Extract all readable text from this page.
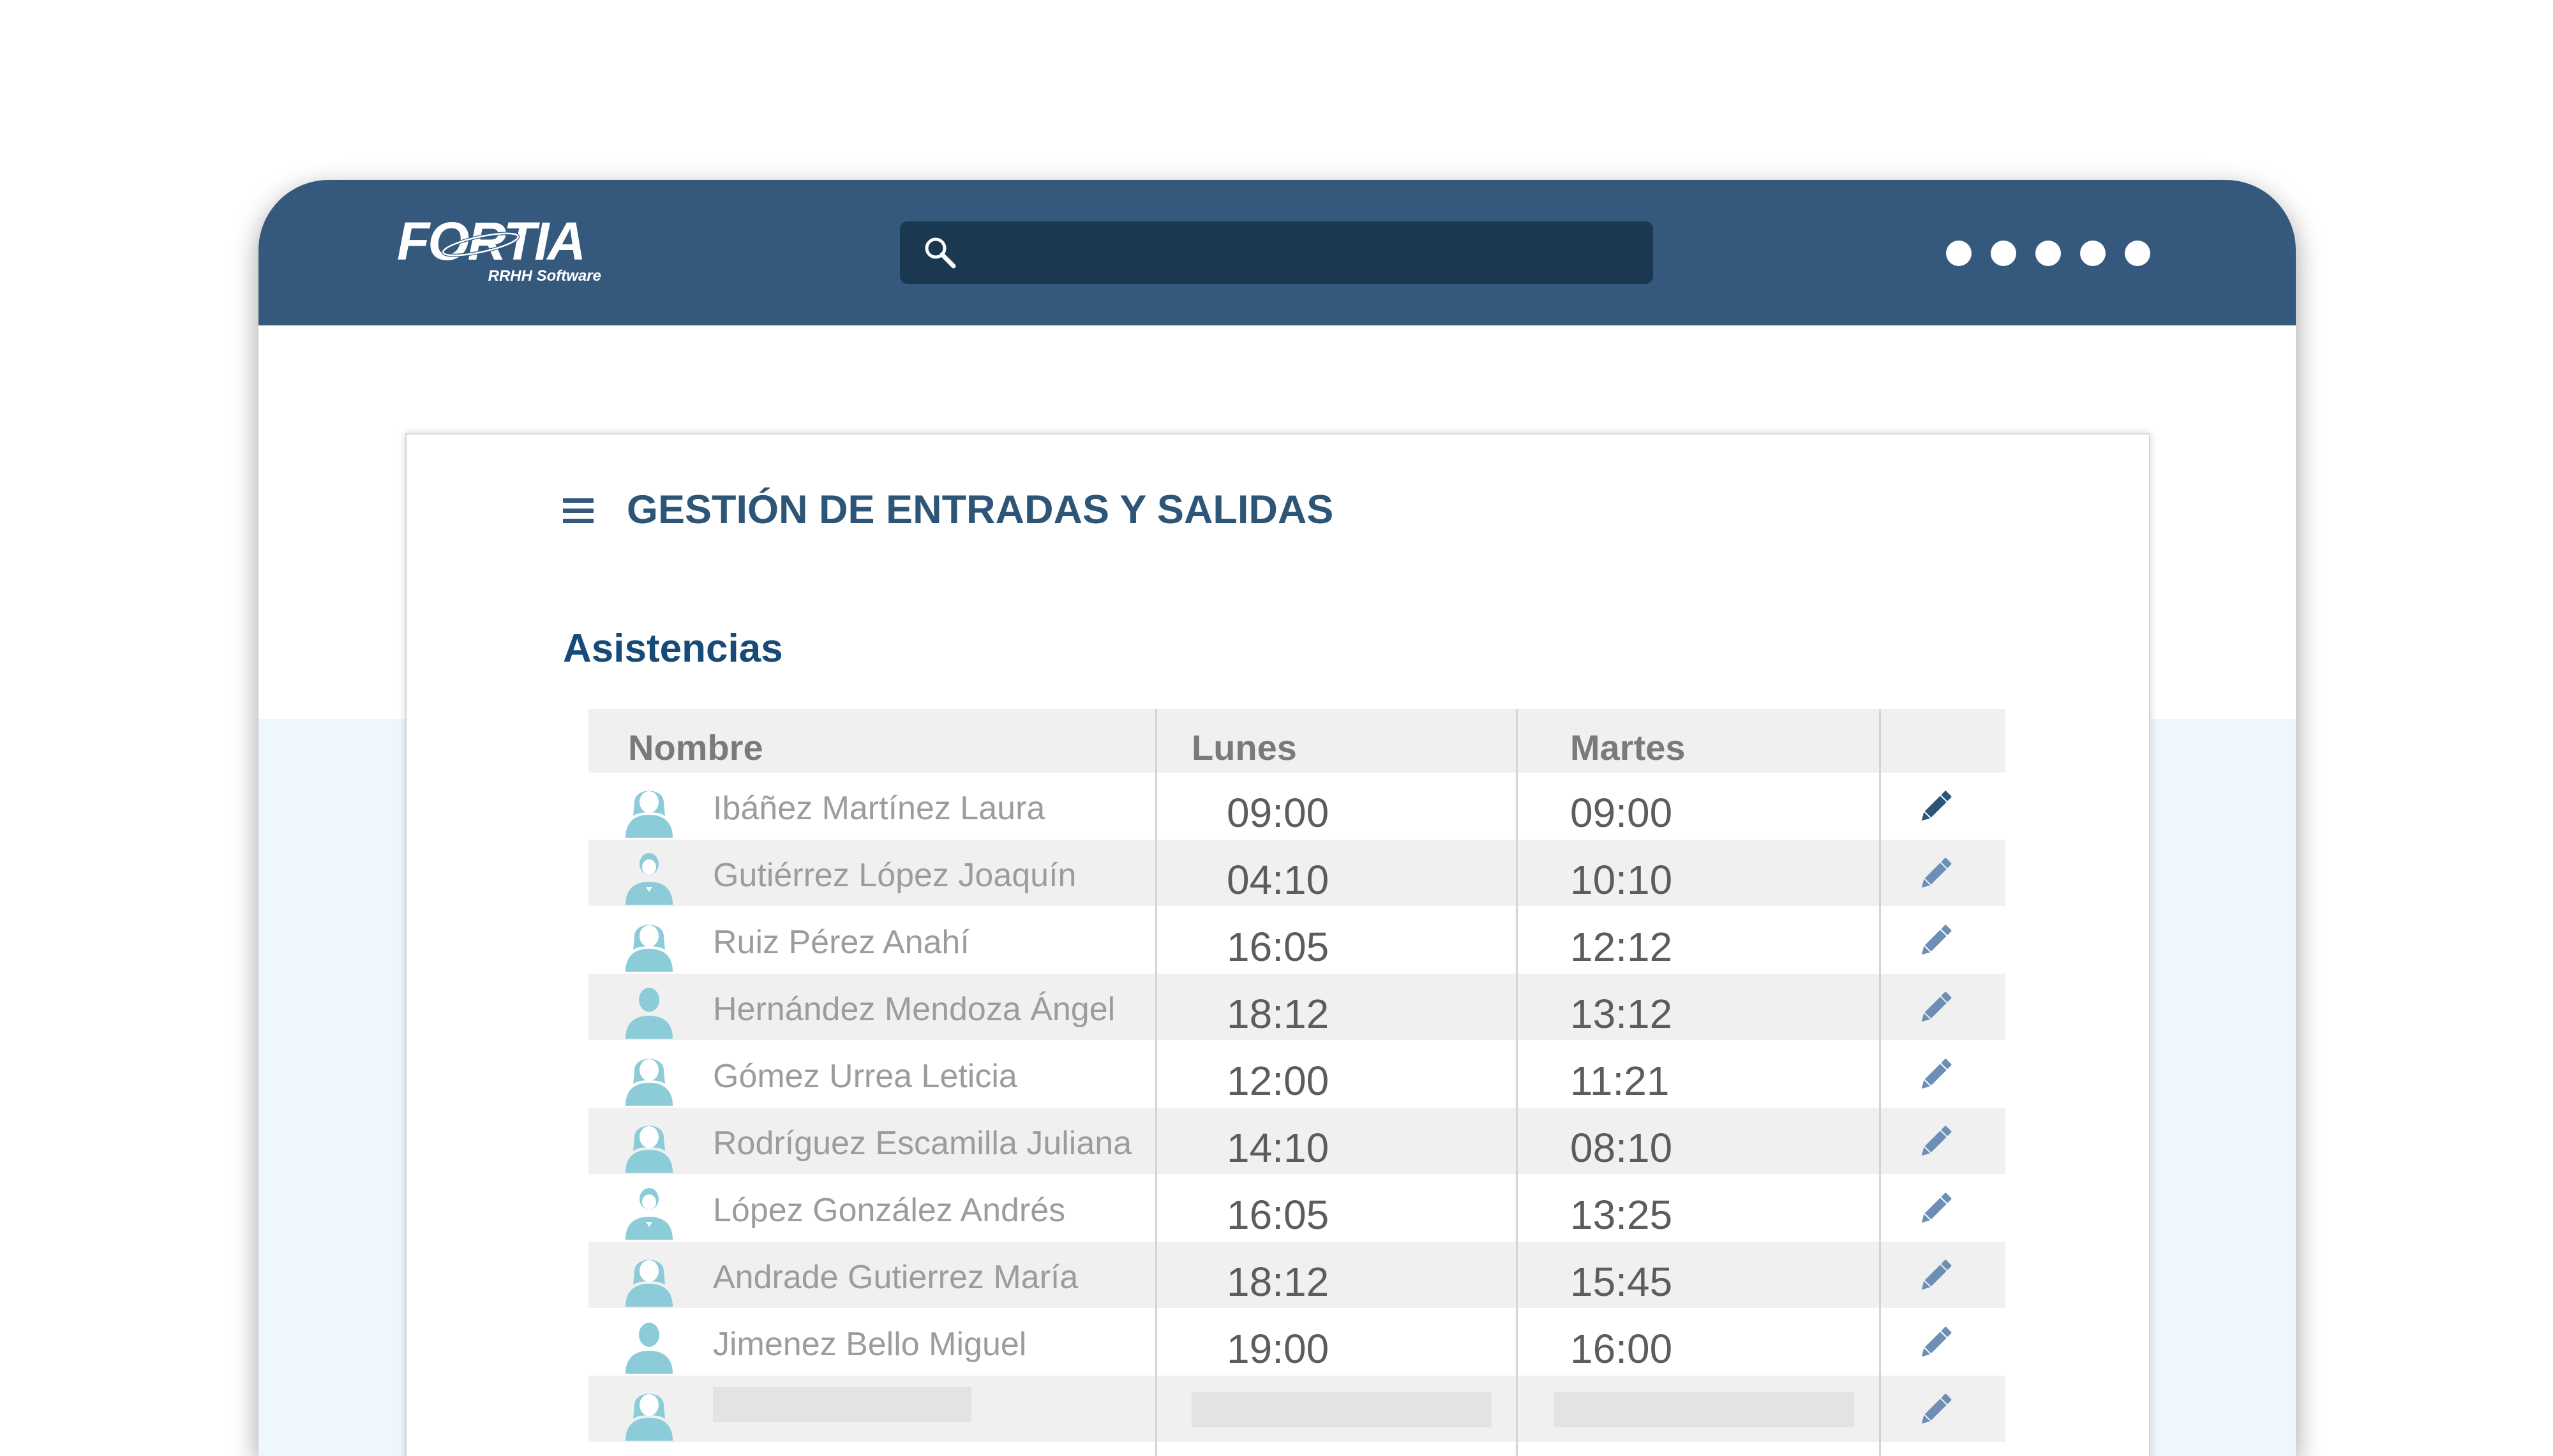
FORTIA
RRHH Software
GESTIÓN DE ENTRADAS Y SALIDAS
Asistencias
Nombre	Lunes	Martes
Ibáñez Martínez Laura	09:00	09:00
Gutiérrez López Joaquín	04:10	10:10
Ruiz Pérez Anahí	16:05	12:12
Hernández Mendoza Ángel	18:12	13:12
Gómez Urrea Leticia	12:00	11:21
Rodríguez Escamilla Juliana 14:10	08:10
López González Andrés	16:05	13:25
Andrade Gutierrez María	18:12	15:45
Jimenez Bello Miguel	19:00	16:00
